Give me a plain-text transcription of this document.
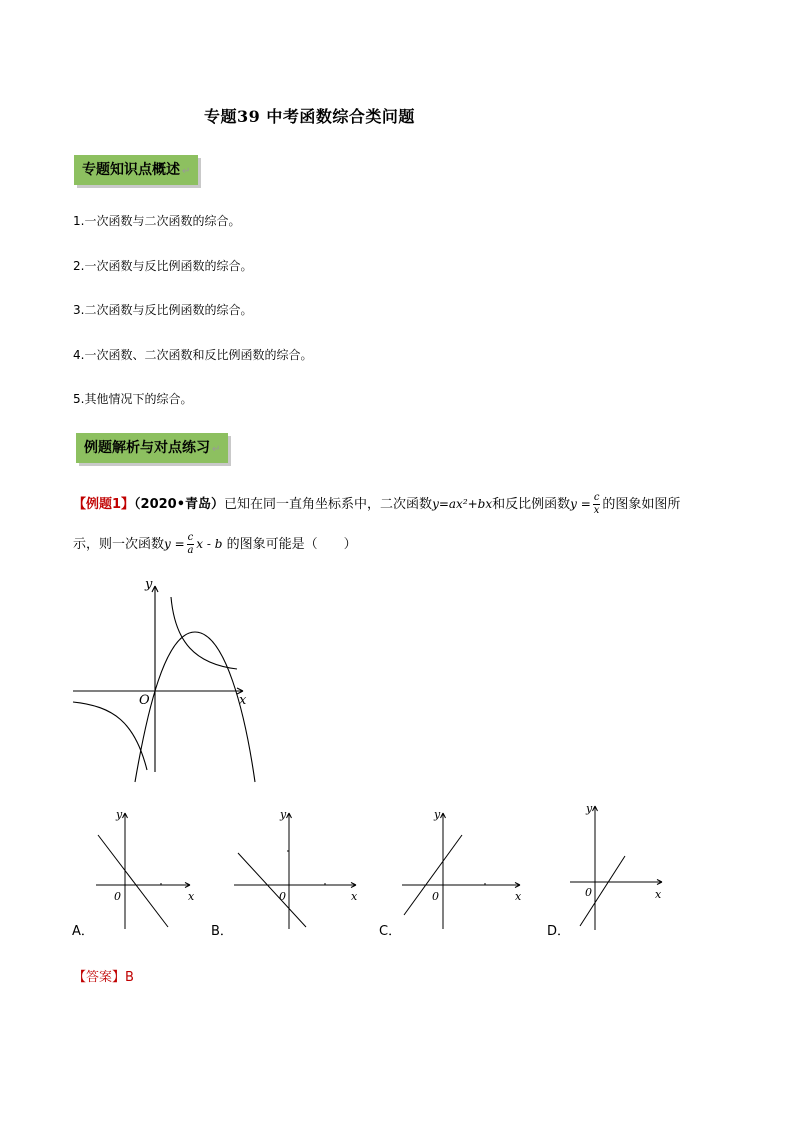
专题39 中考函数综合类问题
专题知识点概述 ↵
1.一次函数与二次函数的综合。
2.一次函数与反比例函数的综合。
3.二次函数与反比例函数的综合。
4.一次函数、二次函数和反比例函数的综合。
5.其他情况下的综合。
例题解析与对点练习 ↵
【例题1】（2020•青岛）已知在同一直角坐标系中，二次函数y=ax²+bx和反比例函数$y = \frac{c}{x}$ 的图象如图所
示，则一次函数$y = \frac{c}{a}$ x - b 的图象可能是（　　）
x
y
O
x
y
0
A．
x
y
0
B．
x
y
0
C．
x
y
0
D．
【答案】B
